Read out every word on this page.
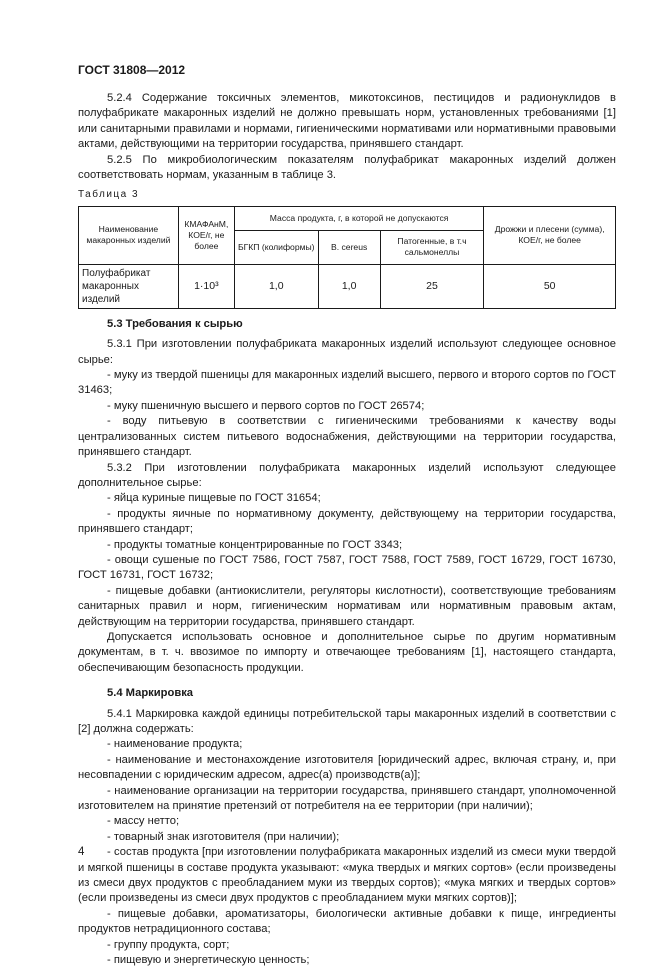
ГОСТ 31808—2012

5.2.4 Содержание токсичных элементов, микотоксинов, пестицидов и радионуклидов в полуфабрикате макаронных изделий не должно превышать норм, установленных требованиями [1] или санитарными правилами и нормами, гигиеническими нормативами или нормативными правовыми актами, действующими на территории государства, принявшего стандарт.

5.2.5 По микробиологическим показателям полуфабрикат макаронных изделий должен соответствовать нормам, указанным в таблице 3.

Таблица 3

Наименование макаронных изделий	КМАФАнМ, КОЕ/г, не более	Масса продукта, г, в которой не допускаются			Дрожжи и плесени (сумма), КОЕ/г, не более
		БГКП (колиформы)	B. cereus	Патогенные, в т.ч сальмонеллы	
Полуфабрикат макаронных изделий	1·10³	1,0	1,0	25	50

5.3 Требования к сырью

5.3.1 При изготовлении полуфабриката макаронных изделий используют следующее основное сырье:

- муку из твердой пшеницы для макаронных изделий высшего, первого и второго сортов по ГОСТ 31463;

- муку пшеничную высшего и первого сортов по ГОСТ 26574;

- воду питьевую в соответствии с гигиеническими требованиями к качеству воды централизованных систем питьевого водоснабжения, действующими на территории государства, принявшего стандарт.

5.3.2 При изготовлении полуфабриката макаронных изделий используют следующее дополнительное сырье:

- яйца куриные пищевые по ГОСТ 31654;

- продукты яичные по нормативному документу, действующему на территории государства, принявшего стандарт;

- продукты томатные концентрированные по ГОСТ 3343;

- овощи сушеные по ГОСТ 7586, ГОСТ 7587, ГОСТ 7588, ГОСТ 7589, ГОСТ 16729, ГОСТ 16730, ГОСТ 16731, ГОСТ 16732;

- пищевые добавки (антиокислители, регуляторы кислотности), соответствующие требованиям санитарных правил и норм, гигиеническим нормативам или нормативным правовым актам, действующим на территории государства, принявшего стандарт.

Допускается использовать основное и дополнительное сырье по другим нормативным документам, в т. ч. ввозимое по импорту и отвечающее требованиям [1], настоящего стандарта, обеспечивающим безопасность продукции.

5.4 Маркировка

5.4.1 Маркировка каждой единицы потребительской тары макаронных изделий в соответствии с [2] должна содержать:

- наименование продукта;

- наименование и местонахождение изготовителя [юридический адрес, включая страну, и, при несовпадении с юридическим адресом, адрес(а) производств(а)];

- наименование организации на территории государства, принявшего стандарт, уполномоченной изготовителем на принятие претензий от потребителя на ее территории (при наличии);

- массу нетто;

- товарный знак изготовителя (при наличии);

- состав продукта [при изготовлении полуфабриката макаронных изделий из смеси муки твердой и мягкой пшеницы в составе продукта указывают: «мука твердых и мягких сортов» (если произведены из смеси двух продуктов с преобладанием муки из твердых сортов); «мука мягких и твердых сортов» (если произведены из смеси двух продуктов с преобладанием муки мягких сортов)];

- пищевые добавки, ароматизаторы, биологически активные добавки к пище, ингредиенты продуктов нетрадиционного состава;

- группу продукта, сорт;

- пищевую и энергетическую ценность;

4
